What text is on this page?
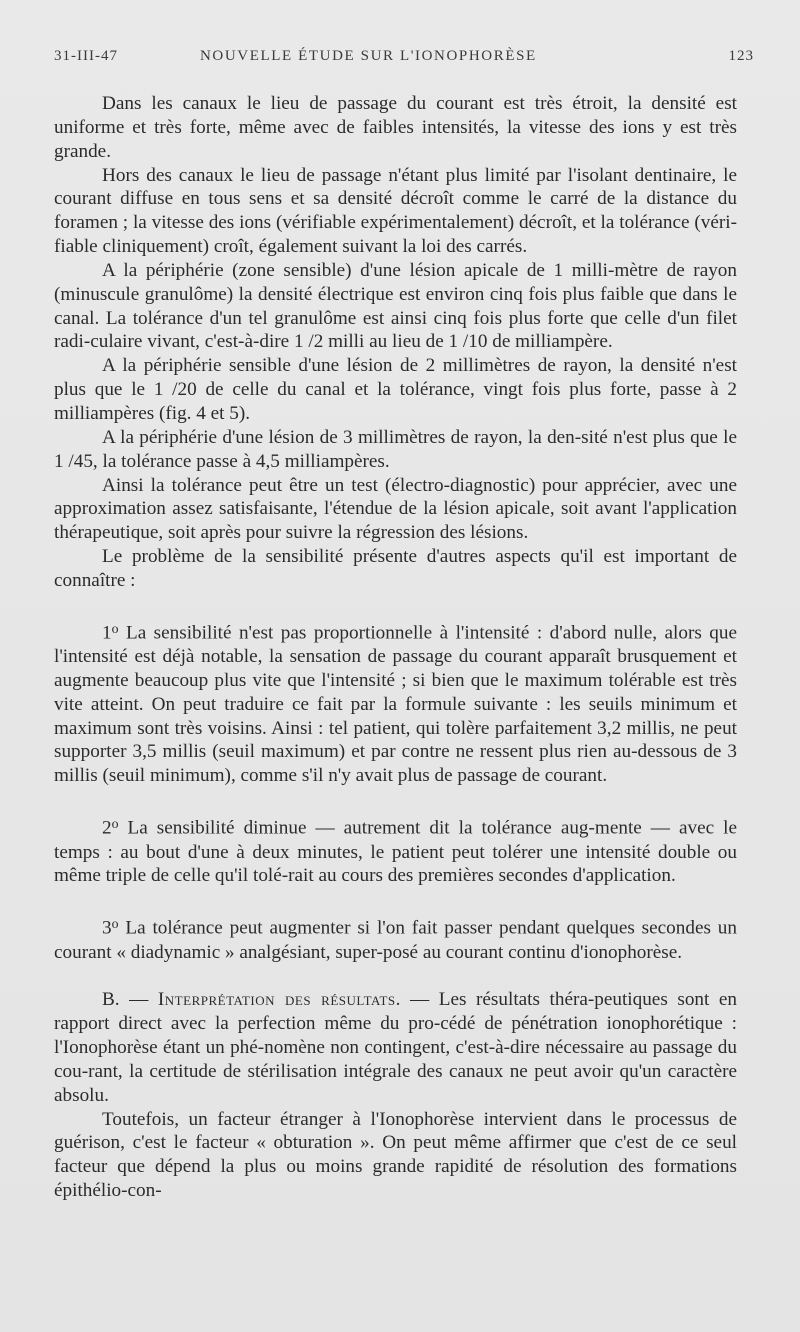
31-III-47	NOUVELLE ÉTUDE SUR L'IONOPHORÈSE	123

Dans les canaux le lieu de passage du courant est très étroit, la densité est uniforme et très forte, même avec de faibles intensités, la vitesse des ions y est très grande.

Hors des canaux le lieu de passage n'étant plus limité par l'isolant dentinaire, le courant diffuse en tous sens et sa densité décroît comme le carré de la distance du foramen ; la vitesse des ions (vérifiable expérimentalement) décroît, et la tolérance (véri-fiable cliniquement) croît, également suivant la loi des carrés.

A la périphérie (zone sensible) d'une lésion apicale de 1 milli-mètre de rayon (minuscule granulôme) la densité électrique est environ cinq fois plus faible que dans le canal. La tolérance d'un tel granulôme est ainsi cinq fois plus forte que celle d'un filet radi-culaire vivant, c'est-à-dire 1 /2 milli au lieu de 1 /10 de milliampère.

A la périphérie sensible d'une lésion de 2 millimètres de rayon, la densité n'est plus que le 1 /20 de celle du canal et la tolérance, vingt fois plus forte, passe à 2 milliampères (fig. 4 et 5).

A la périphérie d'une lésion de 3 millimètres de rayon, la den-sité n'est plus que le 1 /45, la tolérance passe à 4,5 milliampères.

Ainsi la tolérance peut être un test (électro-diagnostic) pour apprécier, avec une approximation assez satisfaisante, l'étendue de la lésion apicale, soit avant l'application thérapeutique, soit après pour suivre la régression des lésions.

Le problème de la sensibilité présente d'autres aspects qu'il est important de connaître :

1$^o$ La sensibilité n'est pas proportionnelle à l'intensité : d'abord nulle, alors que l'intensité est déjà notable, la sensation de passage du courant apparaît brusquement et augmente beaucoup plus vite que l'intensité ; si bien que le maximum tolérable est très vite atteint. On peut traduire ce fait par la formule suivante : les seuils minimum et maximum sont très voisins. Ainsi : tel patient, qui tolère parfaitement 3,2 millis, ne peut supporter 3,5 millis (seuil maximum) et par contre ne ressent plus rien au-dessous de 3 millis (seuil minimum), comme s'il n'y avait plus de passage de courant.

2$^o$ La sensibilité diminue — autrement dit la tolérance aug-mente — avec le temps : au bout d'une à deux minutes, le patient peut tolérer une intensité double ou même triple de celle qu'il tolé-rait au cours des premières secondes d'application.

3$^o$ La tolérance peut augmenter si l'on fait passer pendant quelques secondes un courant « diadynamic » analgésiant, super-posé au courant continu d'ionophorèse.

B. — Interprétation des résultats. — Les résultats théra-peutiques sont en rapport direct avec la perfection même du pro-cédé de pénétration ionophorétique : l'Ionophorèse étant un phé-nomène non contingent, c'est-à-dire nécessaire au passage du cou-rant, la certitude de stérilisation intégrale des canaux ne peut avoir qu'un caractère absolu.

Toutefois, un facteur étranger à l'Ionophorèse intervient dans le processus de guérison, c'est le facteur « obturation ». On peut même affirmer que c'est de ce seul facteur que dépend la plus ou moins grande rapidité de résolution des formations épithélio-con-
